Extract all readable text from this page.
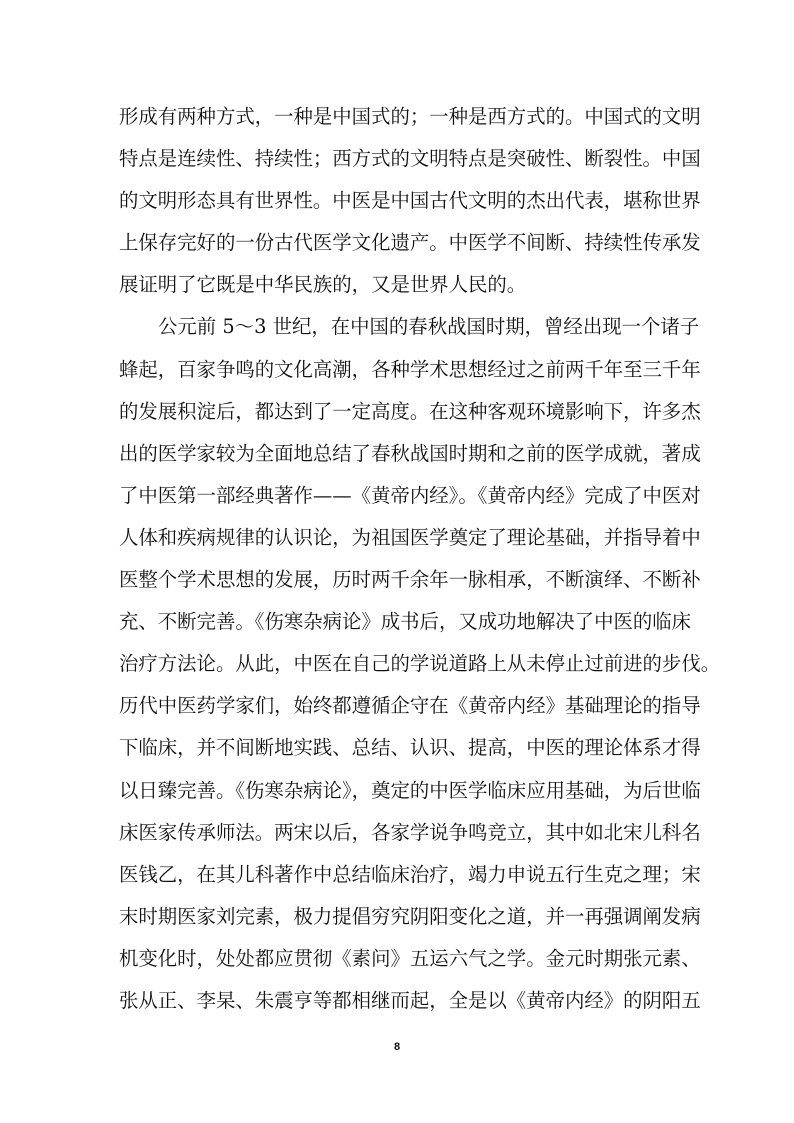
形成有两种方式，一种是中国式的；一种是西方式的。中国式的文明
特点是连续性、持续性；西方式的文明特点是突破性、断裂性。中国
的文明形态具有世界性。中医是中国古代文明的杰出代表，堪称世界
上保存完好的一份古代医学文化遗产。中医学不间断、持续性传承发
展证明了它既是中华民族的，又是世界人民的。
公元前 5～3 世纪，在中国的春秋战国时期，曾经出现一个诸子
蜂起，百家争鸣的文化高潮，各种学术思想经过之前两千年至三千年
的发展积淀后，都达到了一定高度。在这种客观环境影响下，许多杰
出的医学家较为全面地总结了春秋战国时期和之前的医学成就，著成
了中医第一部经典著作——《黄帝内经》。《黄帝内经》完成了中医对
人体和疾病规律的认识论，为祖国医学奠定了理论基础，并指导着中
医整个学术思想的发展，历时两千余年一脉相承，不断演绎、不断补
充、不断完善。《伤寒杂病论》成书后，又成功地解决了中医的临床
治疗方法论。从此，中医在自己的学说道路上从未停止过前进的步伐。
历代中医药学家们，始终都遵循企守在《黄帝内经》基础理论的指导
下临床，并不间断地实践、总结、认识、提高，中医的理论体系才得
以日臻完善。《伤寒杂病论》，奠定的中医学临床应用基础，为后世临
床医家传承师法。两宋以后，各家学说争鸣竞立，其中如北宋儿科名
医钱乙，在其儿科著作中总结临床治疗，竭力申说五行生克之理；宋
末时期医家刘完素，极力提倡穷究阴阳变化之道，并一再强调阐发病
机变化时，处处都应贯彻《素问》五运六气之学。金元时期张元素、
张从正、李杲、朱震亨等都相继而起，全是以《黄帝内经》的阴阳五
8
